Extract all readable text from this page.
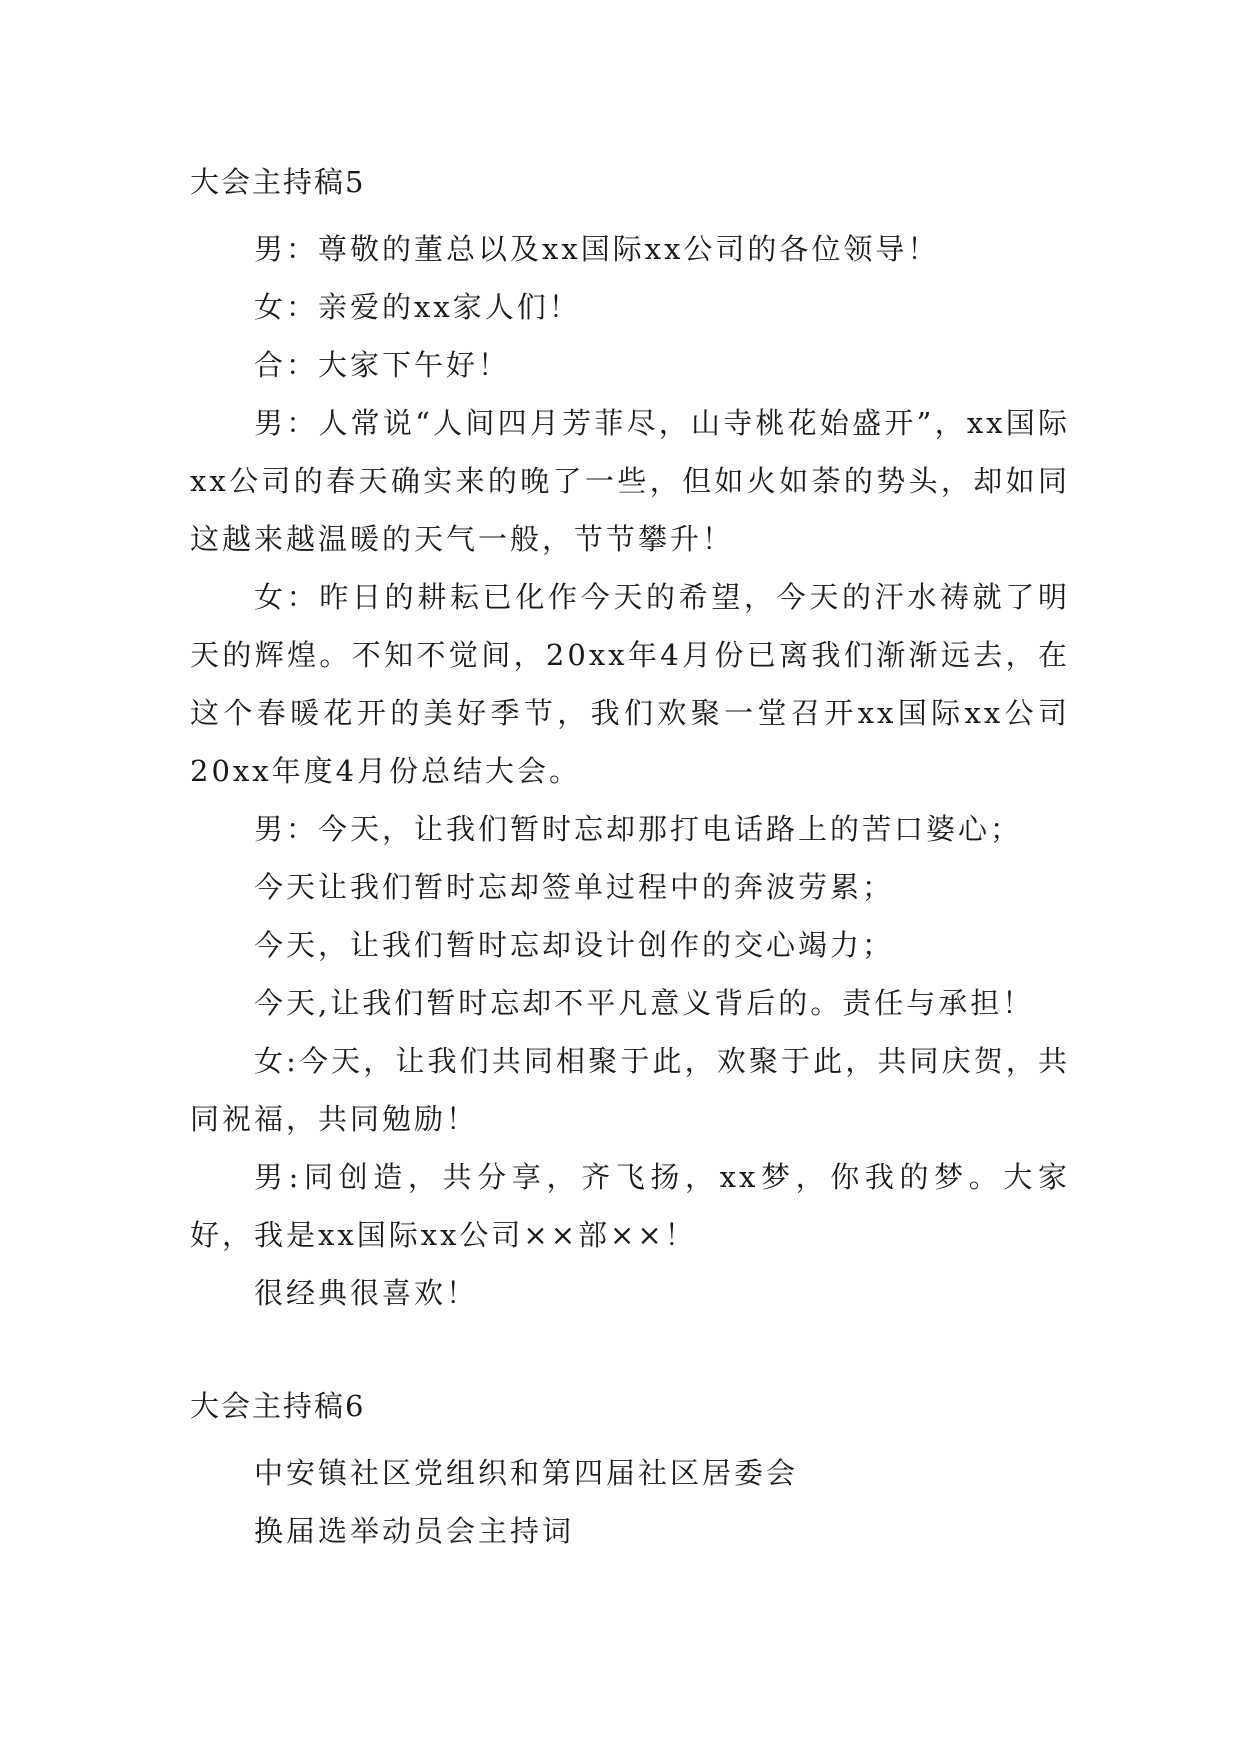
大会主持稿5

男：尊敬的董总以及xx国际xx公司的各位领导！

女：亲爱的xx家人们！

合：大家下午好！

男：人常说“人间四月芳菲尽，山寺桃花始盛开”，xx国际xx公司的春天确实来的晚了一些，但如火如荼的势头，却如同这越来越温暖的天气一般，节节攀升！

女：昨日的耕耘已化作今天的希望，今天的汗水祷就了明天的辉煌。不知不觉间，20xx年4月份已离我们渐渐远去，在这个春暖花开的美好季节，我们欢聚一堂召开xx国际xx公司20xx年度4月份总结大会。

男：今天，让我们暂时忘却那打电话路上的苦口婆心；

今天让我们暂时忘却签单过程中的奔波劳累；

今天，让我们暂时忘却设计创作的交心竭力；

今天,让我们暂时忘却不平凡意义背后的。责任与承担！

女:今天，让我们共同相聚于此，欢聚于此，共同庆贺，共同祝福，共同勉励！

男:同创造，共分享，齐飞扬，xx梦，你我的梦。大家好，我是xx国际xx公司××部××！

很经典很喜欢！

大会主持稿6

中安镇社区党组织和第四届社区居委会

换届选举动员会主持词
